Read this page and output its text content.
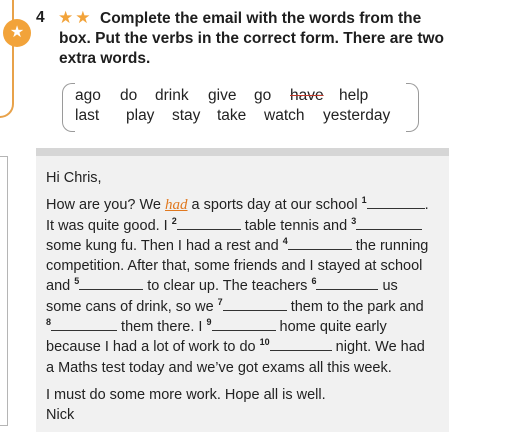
★
4 ★★ Complete the email with the words from the box. Put the verbs in the correct form. There are two extra words.
ago do drink give go have help
last play stay take watch yesterday

Hi Chris,

How are you? We had a sports day at our school $^1$	.
It was quite good. I $^2$	table tennis and $^3$
some kung fu. Then I had a rest and $^4$	the running
competition. After that, some friends and I stayed at school
and $^5$	to clear up. The teachers $^6$	us
some cans of drink, so we $^7$	them to the park and
$^8$	them there. I $^9$	home quite early
because I had a lot of work to do $^{10}$	night. We had
a Maths test today and we’ve got exams all this week.

I must do some more work. Hope all is well.

Nick
